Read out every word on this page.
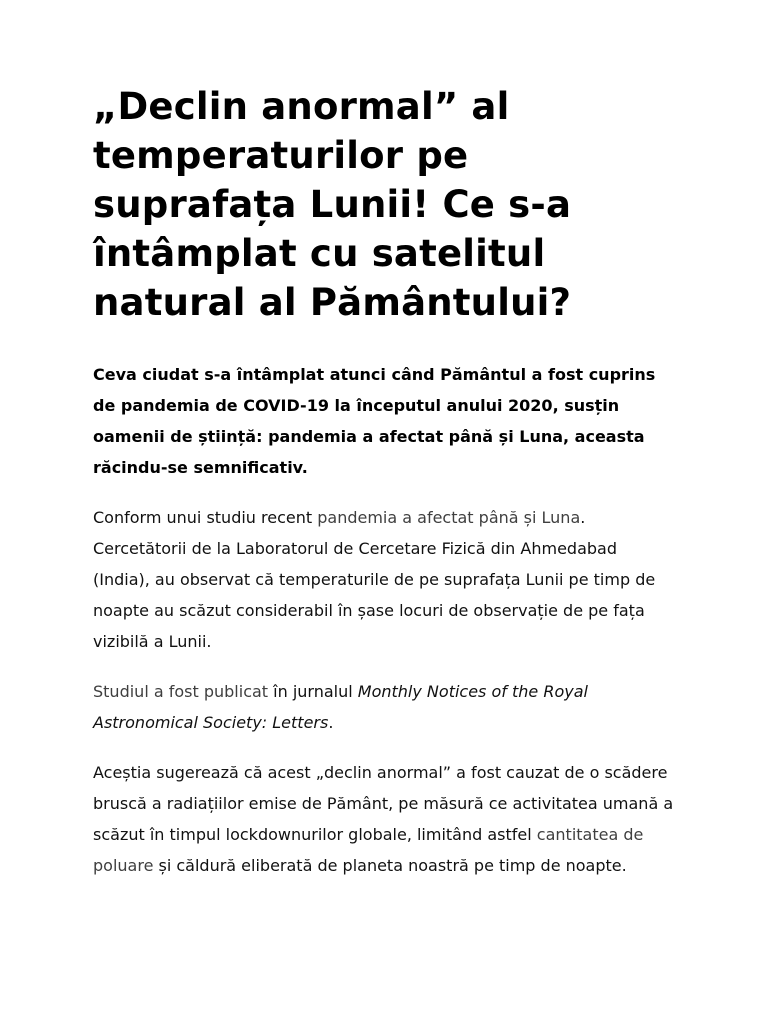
„Declin anormal” al temperaturilor pe suprafața Lunii! Ce s-a întâmplat cu satelitul natural al Pământului?

Ceva ciudat s-a întâmplat atunci când Pământul a fost cuprins de pandemia de COVID-19 la începutul anului 2020, susțin oamenii de știință: pandemia a afectat până și Luna, aceasta răcindu-se semnificativ.

Conform unui studiu recent pandemia a afectat până și Luna. Cercetătorii de la Laboratorul de Cercetare Fizică din Ahmedabad (India), au observat că temperaturile de pe suprafața Lunii pe timp de noapte au scăzut considerabil în șase locuri de observație de pe fața vizibilă a Lunii.

Studiul a fost publicat în jurnalul Monthly Notices of the Royal Astronomical Society: Letters.

Aceștia sugerează că acest „declin anormal” a fost cauzat de o scădere bruscă a radiațiilor emise de Pământ, pe măsură ce activitatea umană a scăzut în timpul lockdownurilor globale, limitând astfel cantitatea de poluare și căldură eliberată de planeta noastră pe timp de noapte.
